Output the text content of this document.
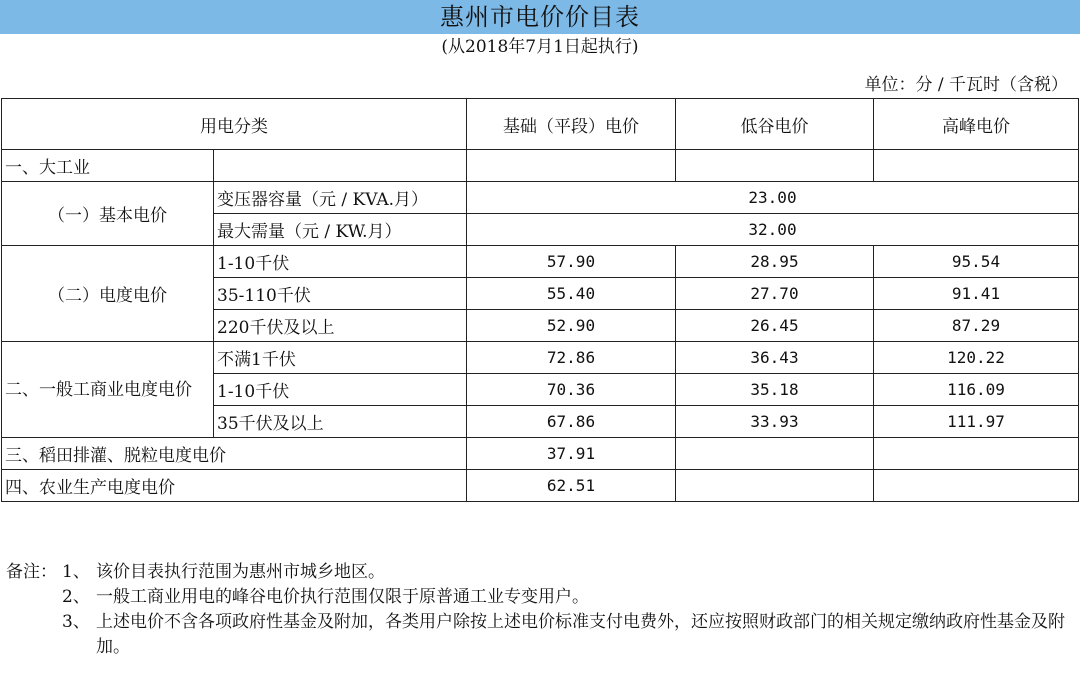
惠州市电价价目表
(从2018年7月1日起执行)
单位：分 / 千瓦时（含税）
用电分类		基础（平段）电价	低谷电价	高峰电价
一、大工业				
（一）基本电价	变压器容量（元 / KVA.月）	23.00		
	最大需量（元 / KW.月）	32.00		
（二）电度电价	1-10千伏	57.90	28.95	95.54
	35-110千伏	55.40	27.70	91.41
	220千伏及以上	52.90	26.45	87.29
二、一般工商业电度电价	不满1千伏	72.86	36.43	120.22
	1-10千伏	70.36	35.18	116.09
	35千伏及以上	67.86	33.93	111.97
三、稻田排灌、脱粒电度电价		37.91		
四、农业生产电度电价		62.51		
备注： 1、 该价目表执行范围为惠州市城乡地区。
2、 一般工商业用电的峰谷电价执行范围仅限于原普通工业专变用户。
3、 上述电价不含各项政府性基金及附加，各类用户除按上述电价标准支付电费外，还应按照财政部门的相关规定缴纳政府性基金及附加。
